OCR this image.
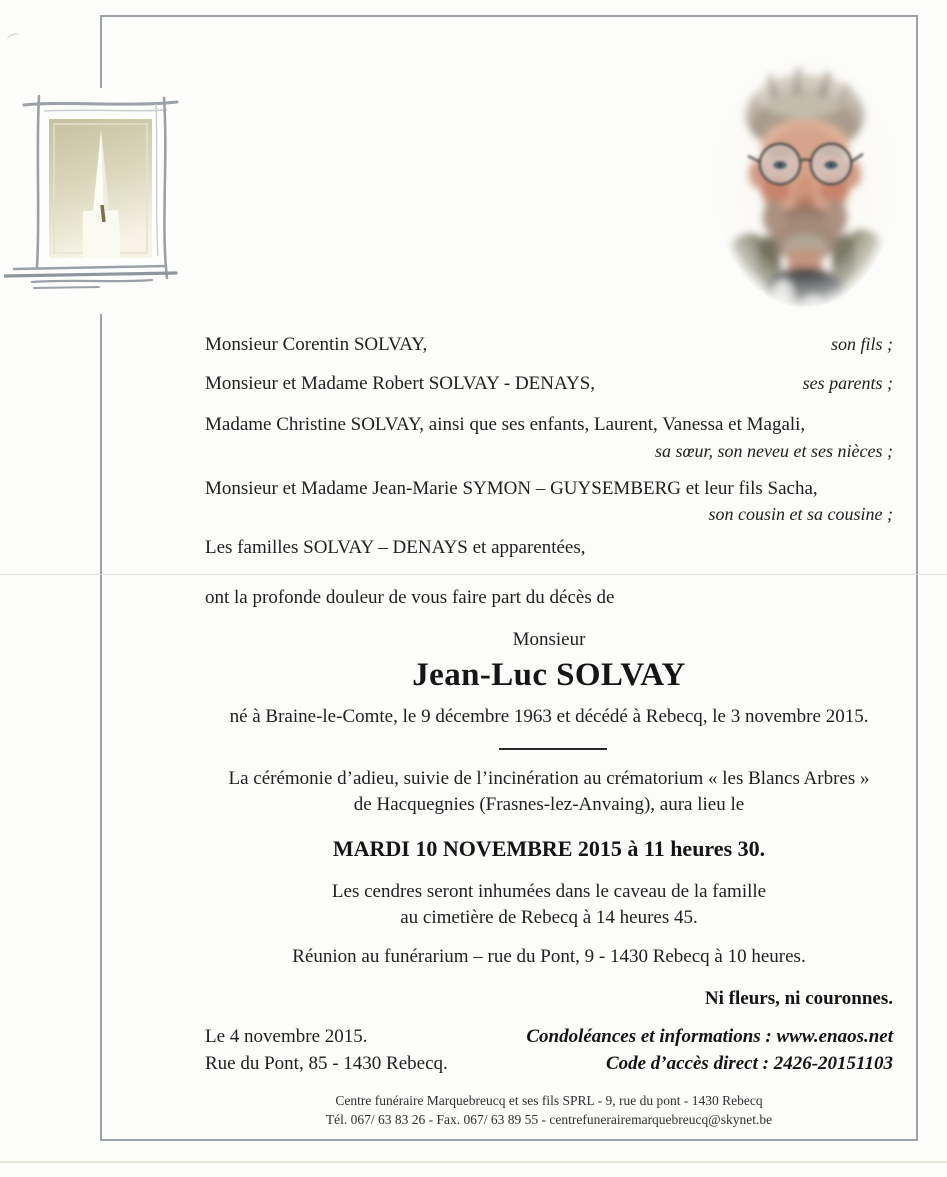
Monsieur Corentin SOLVAY,	son fils ;
Monsieur et Madame Robert SOLVAY - DENAYS,	ses parents ;
Madame Christine SOLVAY, ainsi que ses enfants, Laurent, Vanessa et Magali,
sa sœur, son neveu et ses nièces ;
Monsieur et Madame Jean-Marie SYMON – GUYSEMBERG et leur fils Sacha,
son cousin et sa cousine ;
Les familles SOLVAY – DENAYS et apparentées,
ont la profonde douleur de vous faire part du décès de
Monsieur
Jean-Luc SOLVAY
né à Braine-le-Comte, le 9 décembre 1963 et décédé à Rebecq, le 3 novembre 2015.
La cérémonie d’adieu, suivie de l’incinération au crématorium « les Blancs Arbres »
de Hacquegnies (Frasnes-lez-Anvaing), aura lieu le
MARDI 10 NOVEMBRE 2015 à 11 heures 30.
Les cendres seront inhumées dans le caveau de la famille
au cimetière de Rebecq à 14 heures 45.
Réunion au funérarium – rue du Pont, 9 - 1430 Rebecq à 10 heures.
Ni fleurs, ni couronnes.
Le 4 novembre 2015.
Rue du Pont, 85 - 1430 Rebecq.
Condoléances et informations : www.enaos.net
Code d’accès direct : 2426-20151103
Centre funéraire Marquebreucq et ses fils SPRL - 9, rue du pont - 1430 Rebecq
Tél. 067/ 63 83 26 - Fax. 067/ 63 89 55 - centrefunerairemarquebreucq@skynet.be
